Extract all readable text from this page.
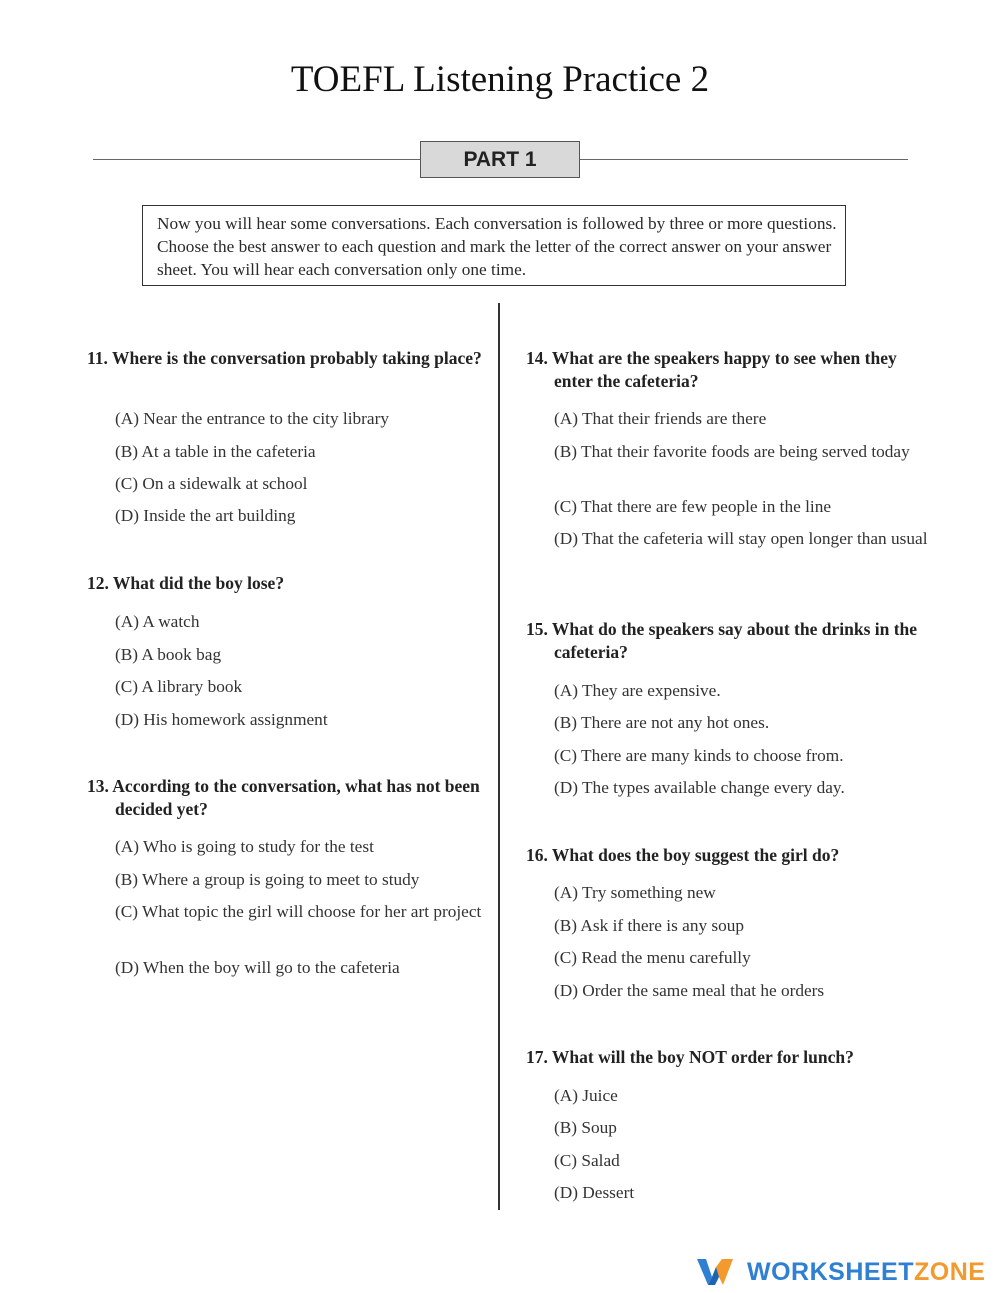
TOEFL Listening Practice 2
PART 1
Now you will hear some conversations. Each conversation is followed by three or more questions. Choose the best answer to each question and mark the letter of the correct answer on your answer sheet. You will hear each conversation only one time.
11. Where is the conversation probably taking place?
(A) Near the entrance to the city library
(B) At a table in the cafeteria
(C) On a sidewalk at school
(D) Inside the art building
12. What did the boy lose?
(A) A watch
(B) A book bag
(C) A library book
(D) His homework assignment
13. According to the conversation, what has not been decided yet?
(A) Who is going to study for the test
(B) Where a group is going to meet to study
(C) What topic the girl will choose for her art project
(D) When the boy will go to the cafeteria
14. What are the speakers happy to see when they enter the cafeteria?
(A) That their friends are there
(B) That their favorite foods are being served today
(C) That there are few people in the line
(D) That the cafeteria will stay open longer than usual
15. What do the speakers say about the drinks in the cafeteria?
(A) They are expensive.
(B) There are not any hot ones.
(C) There are many kinds to choose from.
(D) The types available change every day.
16. What does the boy suggest the girl do?
(A) Try something new
(B) Ask if there is any soup
(C) Read the menu carefully
(D) Order the same meal that he orders
17. What will the boy NOT order for lunch?
(A) Juice
(B) Soup
(C) Salad
(D) Dessert
WORKSHEETZONE
